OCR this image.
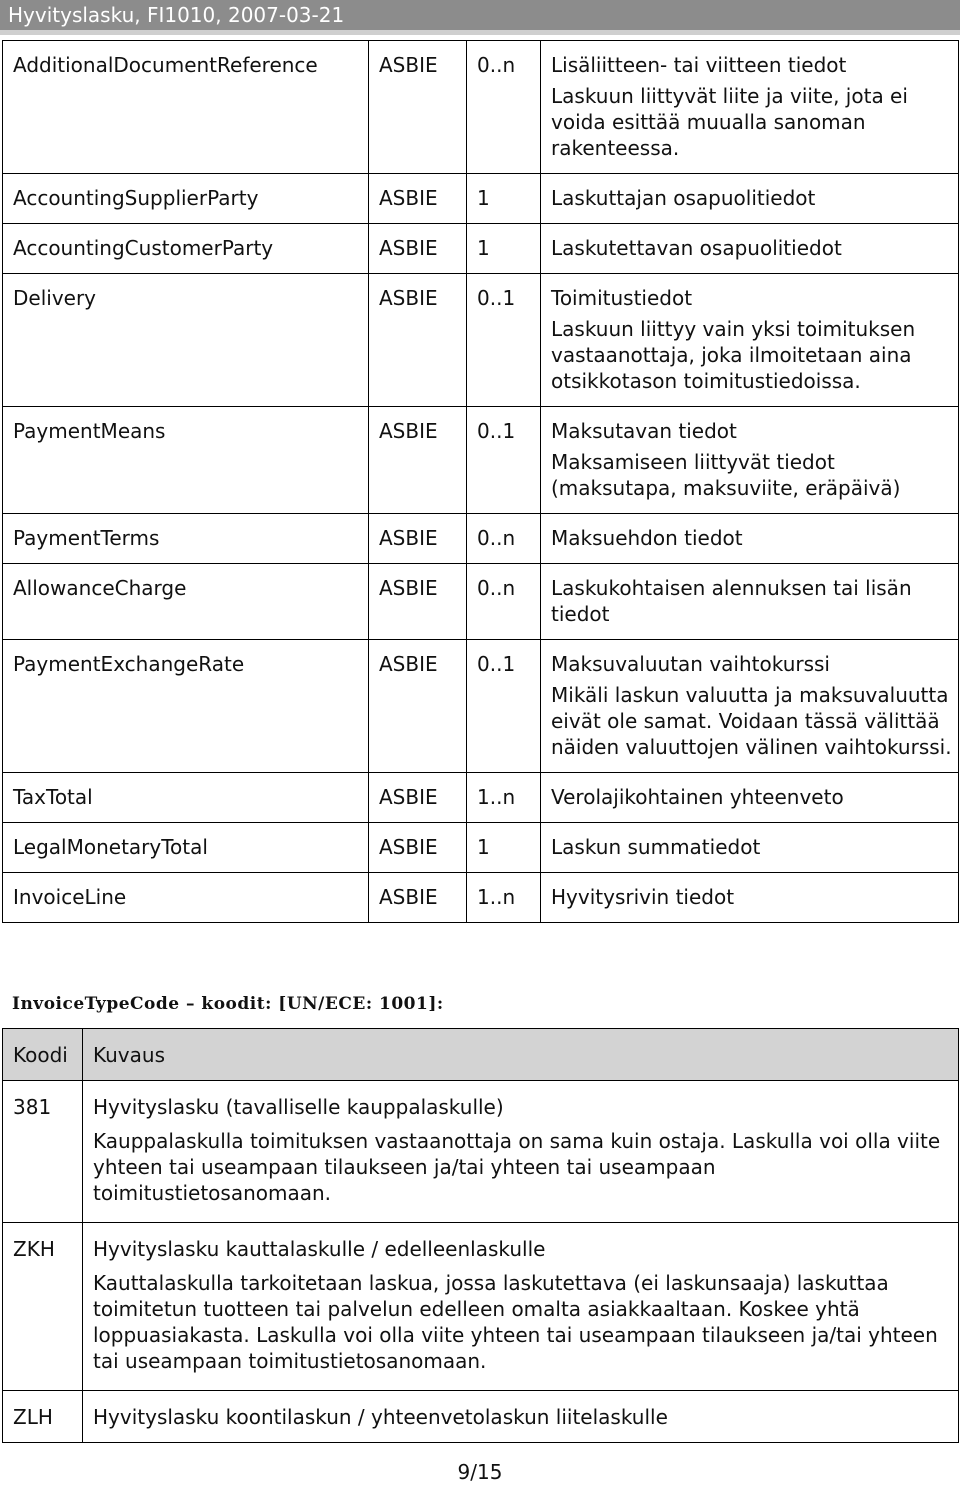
Hyvityslasku, FI1010, 2007-03-21
AdditionalDocumentReference	ASBIE	0..n	Lisäliitteen- tai viitteen tiedot
			Laskuun liittyvät liite ja viite, jota ei voida esittää muualla sanoman rakenteessa.
AccountingSupplierParty	ASBIE	1	Laskuttajan osapuolitiedot
AccountingCustomerParty	ASBIE	1	Laskutettavan osapuolitiedot
Delivery	ASBIE	0..1	Toimitustiedot
			Laskuun liittyy vain yksi toimituksen vastaanottaja, joka ilmoitetaan aina otsikkotason toimitustiedoissa.
PaymentMeans	ASBIE	0..1	Maksutavan tiedot
			Maksamiseen liittyvät tiedot (maksutapa, maksuviite, eräpäivä)
PaymentTerms	ASBIE	0..n	Maksuehdon tiedot
AllowanceCharge	ASBIE	0..n	Laskukohtaisen alennuksen tai lisän tiedot
PaymentExchangeRate	ASBIE	0..1	Maksuvaluutan vaihtokurssi
			Mikäli laskun valuutta ja maksuvaluutta eivät ole samat. Voidaan tässä välittää näiden valuuttojen välinen vaihtokurssi.
TaxTotal	ASBIE	1..n	Verolajikohtainen yhteenveto
LegalMonetaryTotal	ASBIE	1	Laskun summatiedot
InvoiceLine	ASBIE	1..n	Hyvitysrivin tiedot
InvoiceTypeCode – koodit: [UN/ECE: 1001]:
Koodi	Kuvaus
381	Hyvityslasku (tavalliselle kauppalaskulle)
	Kauppalaskulla toimituksen vastaanottaja on sama kuin ostaja. Laskulla voi olla viite yhteen tai useampaan tilaukseen ja/tai yhteen tai useampaan toimitustietosanomaan.
ZKH	Hyvityslasku kauttalaskulle / edelleenlaskulle
	Kauttalaskulla tarkoitetaan laskua, jossa laskutettava (ei laskunsaaja) laskuttaa toimitetun tuotteen tai palvelun edelleen omalta asiakkaaltaan. Koskee yhtä loppuasiakasta. Laskulla voi olla viite yhteen tai useampaan tilaukseen ja/tai yhteen tai useampaan toimitustietosanomaan.
ZLH	Hyvityslasku koontilaskun / yhteenvetolaskun liitelaskulle
9/15
